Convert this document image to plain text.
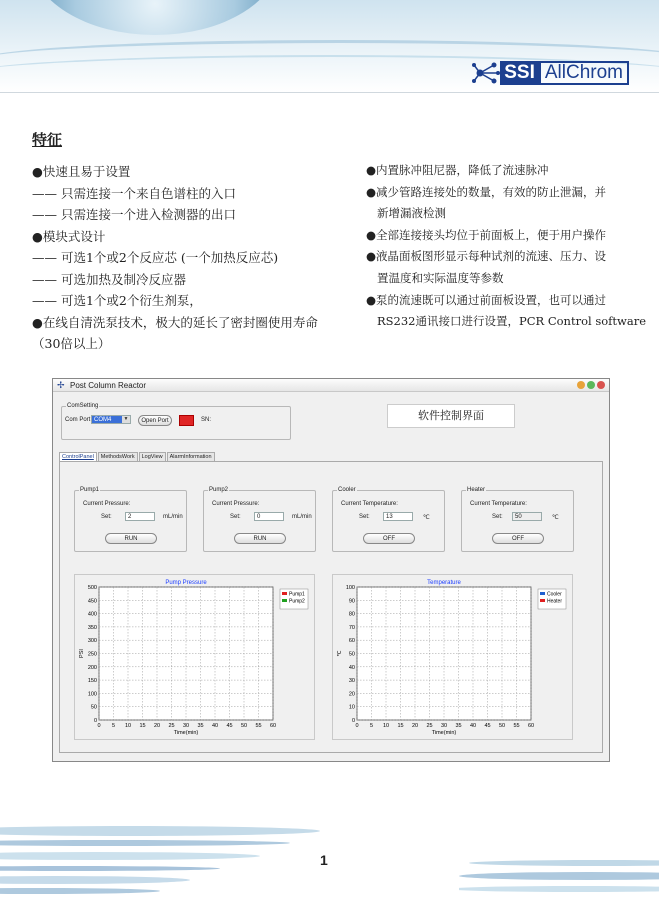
SSI AllChrom
特征
●快速且易于设置
—— 只需连接一个来自色谱柱的入口
—— 只需连接一个进入检测器的出口
●模块式设计
—— 可选1个或2个反应芯 (一个加热反应芯)
—— 可选加热及制冷反应器
—— 可选1个或2个衍生剂泵，
●在线自清洗泵技术，极大的延长了密封圈使用寿命
（30倍以上）
●内置脉冲阻尼器，降低了流速脉冲
●减少管路连接处的数量，有效的防止泄漏，并
新增漏液检测
●全部连接接头均位于前面板上，便于用户操作
●液晶面板图形显示每种试剂的流速、压力、设
置温度和实际温度等参数
●泵的流速既可以通过前面板设置，也可以通过
RS232通讯接口进行设置，PCR Control software
✢ Post Column Reactor
ComSetting
Com Port COM4	▼	Open Port	SN:	软件控制界面
ControlPanel	MethodsWork	LogView	AlarmInformation
Pump1
Current Pressure:
Set:	2	mL/min
RUN
Pump2
Current Pressure:
Set:	0	mL/min
RUN
Cooler
Current Temperature:
Set:	13	℃
OFF
Heater
Current Temperature:
Set:	50	℃
OFF
0 5 10 15 20 25 30 35 40 45 50 55 60
0
50
100
150
200
250
300
350
400
450
500
Pump Pressure
Time(min)
PSI
Pump1
Pump2
0 5 10 15 20 25 30 35 40 45 50 55 60
0
10
20
30
40
50
60
70
80
90
100
Temperature
Time(min)
℃
Cooler
Heater
1
